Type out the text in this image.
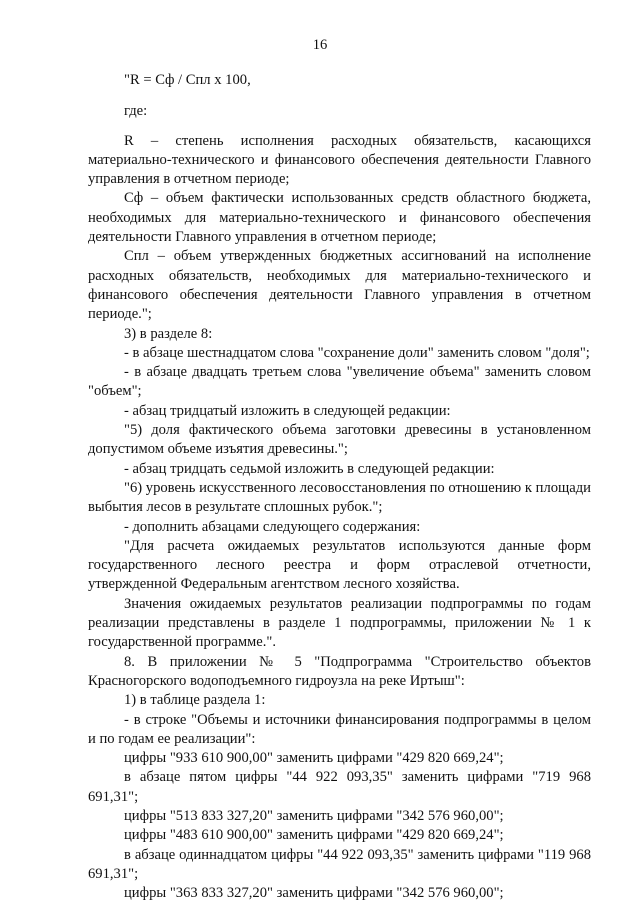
16
"R = Сф / Спл x 100,
где:
R – степень исполнения расходных обязательств, касающихся материально-технического и финансового обеспечения деятельности Главного управления в отчетном периоде;
Сф – объем фактически использованных средств областного бюджета, необходимых для материально-технического и финансового обеспечения деятельности Главного управления в отчетном периоде;
Спл – объем утвержденных бюджетных ассигнований на исполнение расходных обязательств, необходимых для материально-технического и финансового обеспечения деятельности Главного управления в отчетном периоде.";
3) в разделе 8:
- в абзаце шестнадцатом слова "сохранение доли" заменить словом "доля";
- в абзаце двадцать третьем слова "увеличение объема" заменить словом "объем";
- абзац тридцатый изложить в следующей редакции:
"5) доля фактического объема заготовки древесины в установленном допустимом объеме изъятия древесины.";
- абзац тридцать седьмой изложить в следующей редакции:
"6) уровень искусственного лесовосстановления по отношению к площади выбытия лесов в результате сплошных рубок.";
- дополнить абзацами следующего содержания:
"Для расчета ожидаемых результатов используются данные форм государственного лесного реестра и форм отраслевой отчетности, утвержденной Федеральным агентством лесного хозяйства.
Значения ожидаемых результатов реализации подпрограммы по годам реализации представлены в разделе 1 подпрограммы, приложении № 1 к государственной программе.".
8. В приложении № 5 "Подпрограмма "Строительство объектов Красногорского водоподъемного гидроузла на реке Иртыш":
1) в таблице раздела 1:
- в строке "Объемы и источники финансирования подпрограммы в целом и по годам ее реализации":
цифры "933 610 900,00" заменить цифрами "429 820 669,24";
в абзаце пятом цифры "44 922 093,35" заменить цифрами "719 968 691,31";
цифры "513 833 327,20" заменить цифрами "342 576 960,00";
цифры "483 610 900,00" заменить цифрами "429 820 669,24";
в абзаце одиннадцатом цифры "44 922 093,35" заменить цифрами "119 968 691,31";
цифры "363 833 327,20" заменить цифрами "342 576 960,00";
